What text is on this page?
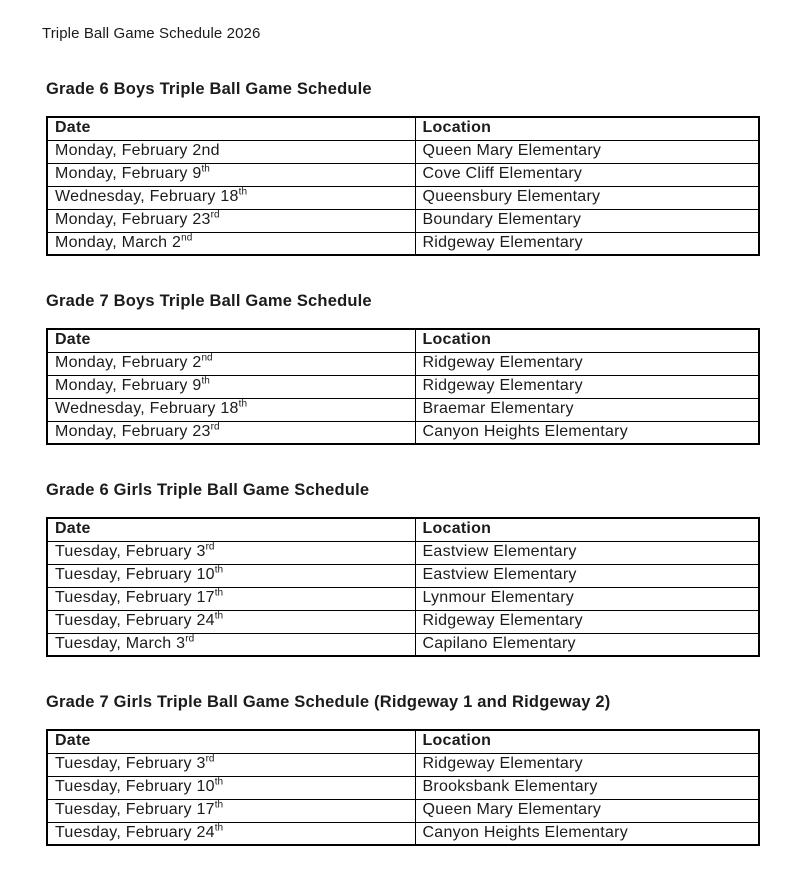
Triple Ball Game Schedule 2026

Grade 6 Boys Triple Ball Game Schedule
Date	Location
Monday, February 2nd	Queen Mary Elementary
Monday, February 9th	Cove Cliff Elementary
Wednesday, February 18th	Queensbury Elementary
Monday, February 23rd	Boundary Elementary
Monday, March 2nd	Ridgeway Elementary
Grade 7 Boys Triple Ball Game Schedule
Date	Location
Monday, February 2nd	Ridgeway Elementary
Monday, February 9th	Ridgeway Elementary
Wednesday, February 18th	Braemar Elementary
Monday, February 23rd	Canyon Heights Elementary
Grade 6 Girls Triple Ball Game Schedule
Date	Location
Tuesday, February 3rd	Eastview Elementary
Tuesday, February 10th	Eastview Elementary
Tuesday, February 17th	Lynmour Elementary
Tuesday, February 24th	Ridgeway Elementary
Tuesday, March 3rd	Capilano Elementary
Grade 7 Girls Triple Ball Game Schedule (Ridgeway 1 and Ridgeway 2)
Date	Location
Tuesday, February 3rd	Ridgeway Elementary
Tuesday, February 10th	Brooksbank Elementary
Tuesday, February 17th	Queen Mary Elementary
Tuesday, February 24th	Canyon Heights Elementary
